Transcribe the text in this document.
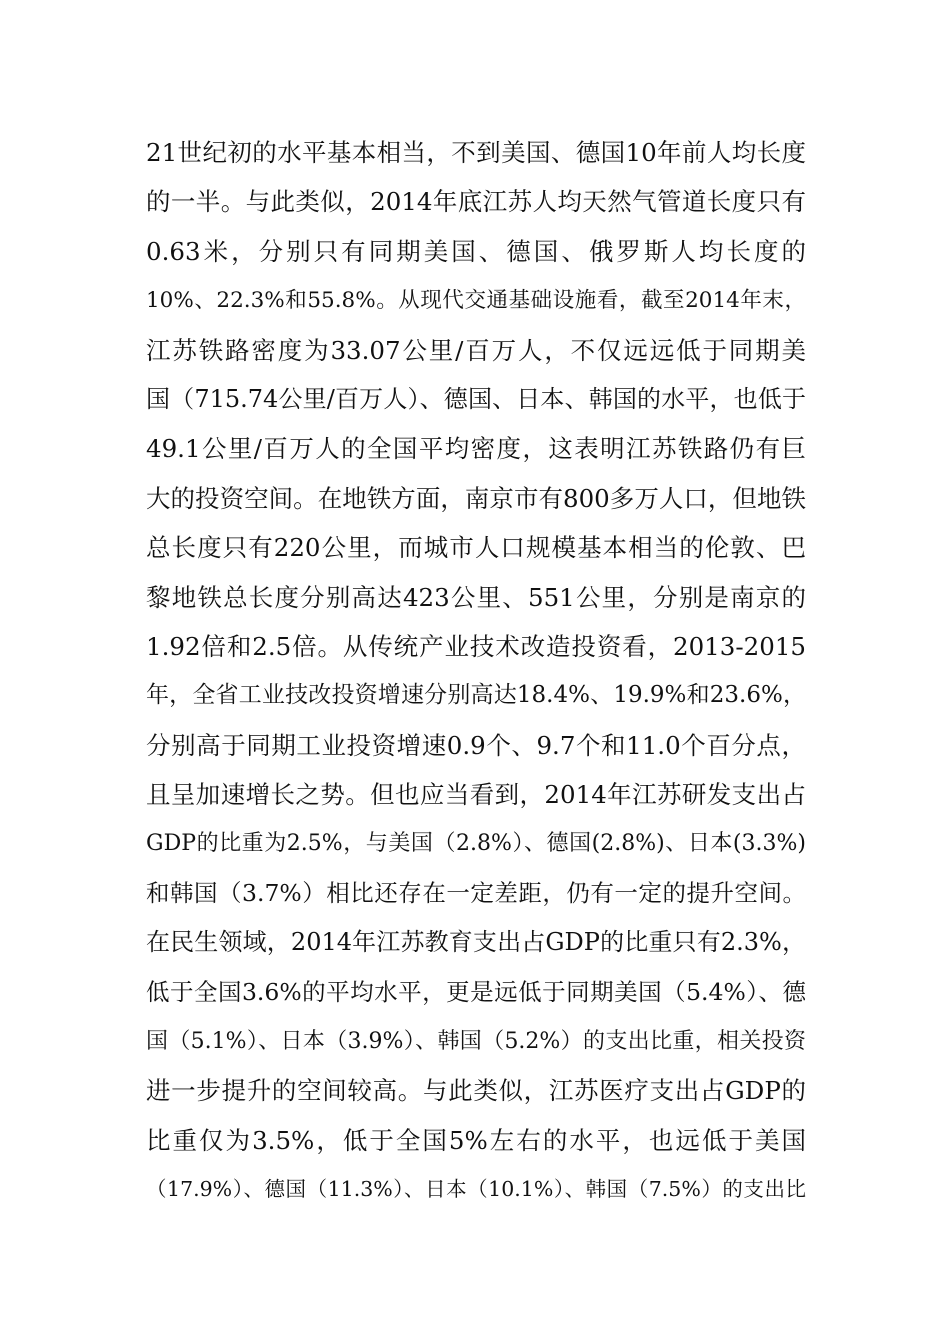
21世纪初的水平基本相当，不到美国、德国10年前人均长度
的一半。与此类似，2014年底江苏人均天然气管道长度只有
0.63米，分别只有同期美国、德国、俄罗斯人均长度的
10%、22.3%和55.8%。从现代交通基础设施看，截至2014年末，
江苏铁路密度为33.07公里/百万人，不仅远远低于同期美
国（715.74公里/百万人）、德国、日本、韩国的水平，也低于
49.1公里/百万人的全国平均密度，这表明江苏铁路仍有巨
大的投资空间。在地铁方面，南京市有800多万人口，但地铁
总长度只有220公里，而城市人口规模基本相当的伦敦、巴
黎地铁总长度分别高达423公里、551公里，分别是南京的
1.92倍和2.5倍。从传统产业技术改造投资看，2013-2015
年，全省工业技改投资增速分别高达18.4%、19.9%和23.6%，
分别高于同期工业投资增速0.9个、9.7个和11.0个百分点，
且呈加速增长之势。但也应当看到，2014年江苏研发支出占
GDP的比重为2.5%，与美国（2.8%）、德国(2.8%)、日本(3.3%)
和韩国（3.7%）相比还存在一定差距，仍有一定的提升空间。
在民生领域，2014年江苏教育支出占GDP的比重只有2.3%，
低于全国3.6%的平均水平，更是远低于同期美国（5.4%）、德
国（5.1%）、日本（3.9%）、韩国（5.2%）的支出比重，相关投资
进一步提升的空间较高。与此类似，江苏医疗支出占GDP的
比重仅为3.5%，低于全国5%左右的水平，也远低于美国
（17.9%）、德国（11.3%）、日本（10.1%）、韩国（7.5%）的支出比
